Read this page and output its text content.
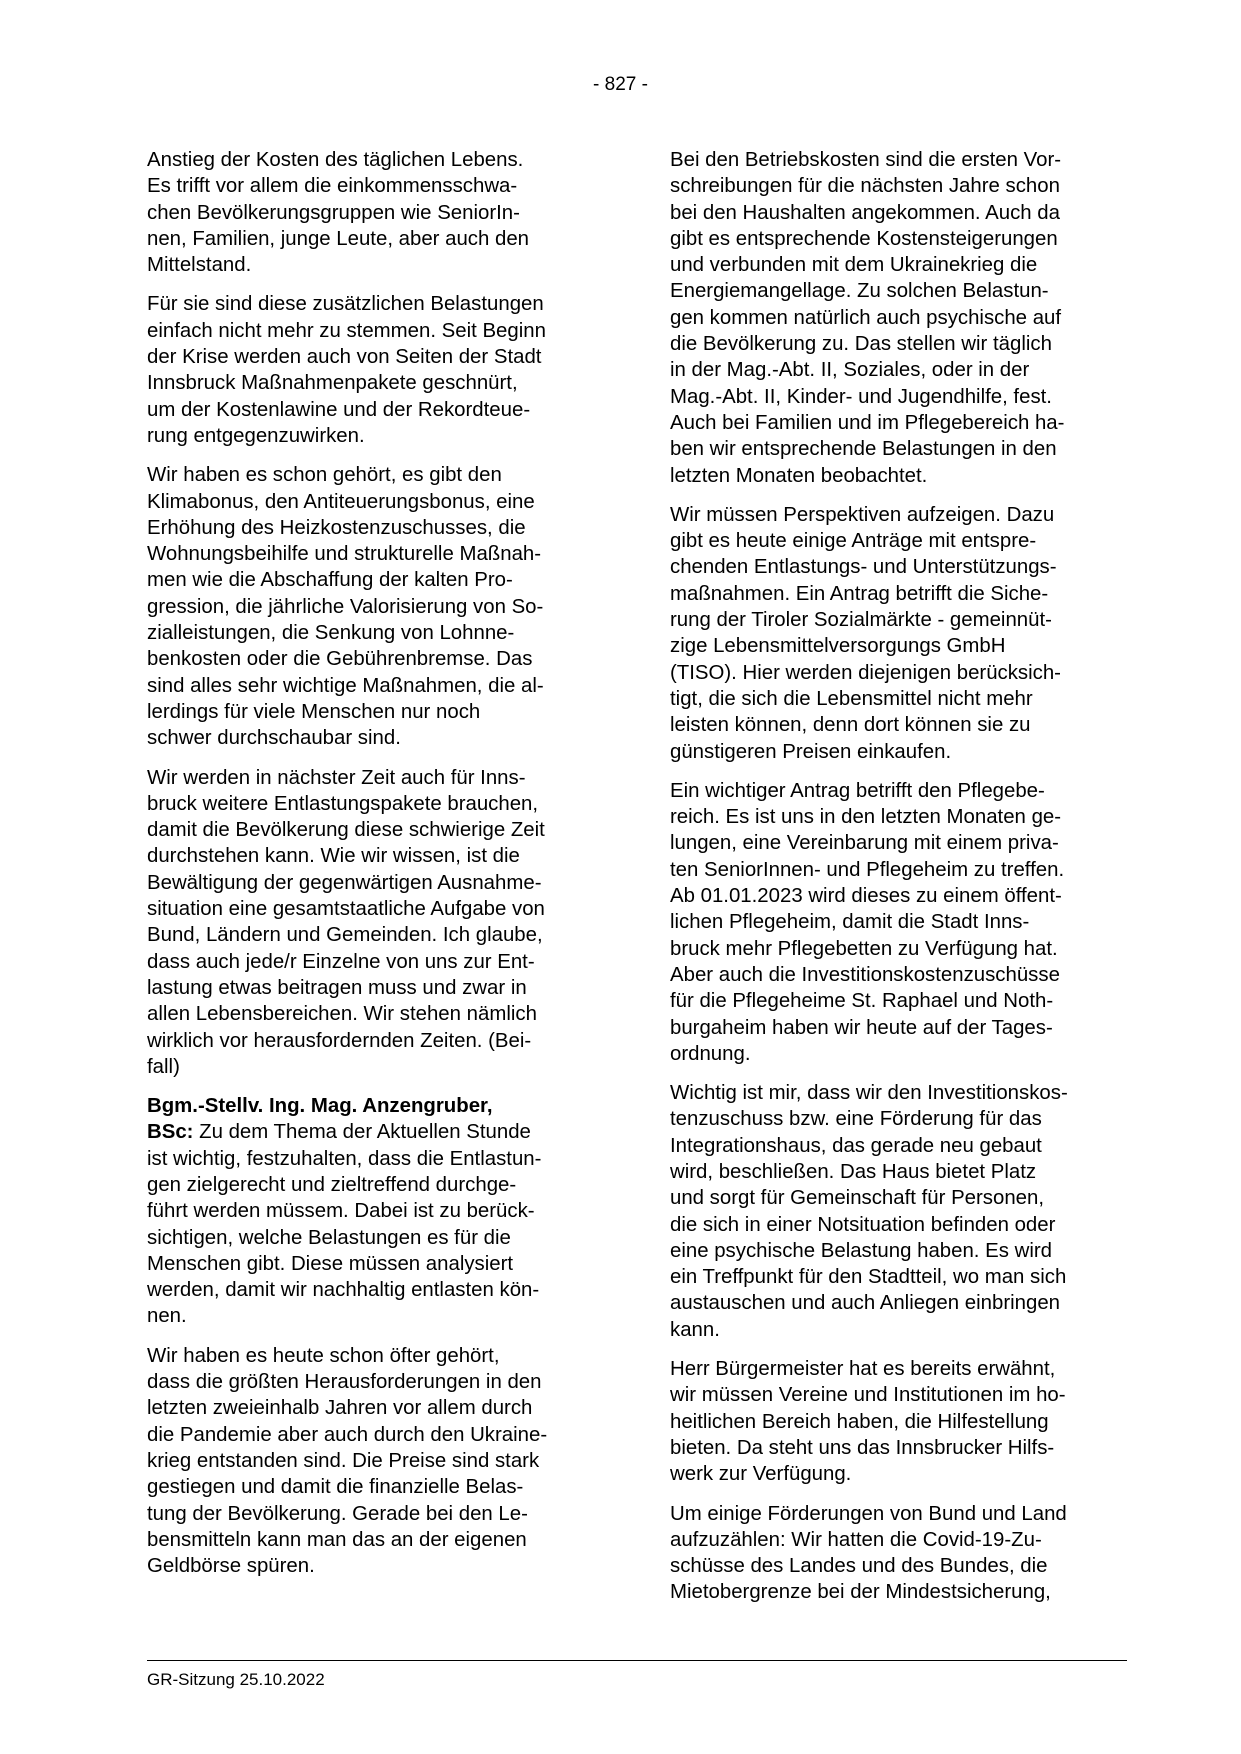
- 827 -

Anstieg der Kosten des täglichen Lebens.
Es trifft vor allem die einkommensschwa-
chen Bevölkerungsgruppen wie SeniorIn-
nen, Familien, junge Leute, aber auch den
Mittelstand.

Für sie sind diese zusätzlichen Belastungen
einfach nicht mehr zu stemmen. Seit Beginn
der Krise werden auch von Seiten der Stadt
Innsbruck Maßnahmenpakete geschnürt,
um der Kostenlawine und der Rekordteue-
rung entgegenzuwirken.

Wir haben es schon gehört, es gibt den
Klimabonus, den Antiteuerungsbonus, eine
Erhöhung des Heizkostenzuschusses, die
Wohnungsbeihilfe und strukturelle Maßnah-
men wie die Abschaffung der kalten Pro-
gression, die jährliche Valorisierung von So-
zialleistungen, die Senkung von Lohnne-
benkosten oder die Gebührenbremse. Das
sind alles sehr wichtige Maßnahmen, die al-
lerdings für viele Menschen nur noch
schwer durchschaubar sind.

Wir werden in nächster Zeit auch für Inns-
bruck weitere Entlastungspakete brauchen,
damit die Bevölkerung diese schwierige Zeit
durchstehen kann. Wie wir wissen, ist die
Bewältigung der gegenwärtigen Ausnahme-
situation eine gesamtstaatliche Aufgabe von
Bund, Ländern und Gemeinden. Ich glaube,
dass auch jede/r Einzelne von uns zur Ent-
lastung etwas beitragen muss und zwar in
allen Lebensbereichen. Wir stehen nämlich
wirklich vor herausfordernden Zeiten. (Bei-
fall)

Bgm.-Stellv. Ing. Mag. Anzengruber,
BSc: Zu dem Thema der Aktuellen Stunde
ist wichtig, festzuhalten, dass die Entlastun-
gen zielgerecht und zieltreffend durchge-
führt werden müssem. Dabei ist zu berück-
sichtigen, welche Belastungen es für die
Menschen gibt. Diese müssen analysiert
werden, damit wir nachhaltig entlasten kön-
nen.

Wir haben es heute schon öfter gehört,
dass die größten Herausforderungen in den
letzten zweieinhalb Jahren vor allem durch
die Pandemie aber auch durch den Ukraine-
krieg entstanden sind. Die Preise sind stark
gestiegen und damit die finanzielle Belas-
tung der Bevölkerung. Gerade bei den Le-
bensmitteln kann man das an der eigenen
Geldbörse spüren.

Bei den Betriebskosten sind die ersten Vor-
schreibungen für die nächsten Jahre schon
bei den Haushalten angekommen. Auch da
gibt es entsprechende Kostensteigerungen
und verbunden mit dem Ukrainekrieg die
Energiemangellage. Zu solchen Belastun-
gen kommen natürlich auch psychische auf
die Bevölkerung zu. Das stellen wir täglich
in der Mag.-Abt. II, Soziales, oder in der
Mag.-Abt. II, Kinder- und Jugendhilfe, fest.
Auch bei Familien und im Pflegebereich ha-
ben wir entsprechende Belastungen in den
letzten Monaten beobachtet.

Wir müssen Perspektiven aufzeigen. Dazu
gibt es heute einige Anträge mit entspre-
chenden Entlastungs- und Unterstützungs-
maßnahmen. Ein Antrag betrifft die Siche-
rung der Tiroler Sozialmärkte - gemeinnüt-
zige Lebensmittelversorgungs GmbH
(TISO). Hier werden diejenigen berücksich-
tigt, die sich die Lebensmittel nicht mehr
leisten können, denn dort können sie zu
günstigeren Preisen einkaufen.

Ein wichtiger Antrag betrifft den Pflegebe-
reich. Es ist uns in den letzten Monaten ge-
lungen, eine Vereinbarung mit einem priva-
ten SeniorInnen- und Pflegeheim zu treffen.
Ab 01.01.2023 wird dieses zu einem öffent-
lichen Pflegeheim, damit die Stadt Inns-
bruck mehr Pflegebetten zu Verfügung hat.
Aber auch die Investitionskostenzuschüsse
für die Pflegeheime St. Raphael und Noth-
burgaheim haben wir heute auf der Tages-
ordnung.

Wichtig ist mir, dass wir den Investitionskos-
tenzuschuss bzw. eine Förderung für das
Integrationshaus, das gerade neu gebaut
wird, beschließen. Das Haus bietet Platz
und sorgt für Gemeinschaft für Personen,
die sich in einer Notsituation befinden oder
eine psychische Belastung haben. Es wird
ein Treffpunkt für den Stadtteil, wo man sich
austauschen und auch Anliegen einbringen
kann.

Herr Bürgermeister hat es bereits erwähnt,
wir müssen Vereine und Institutionen im ho-
heitlichen Bereich haben, die Hilfestellung
bieten. Da steht uns das Innsbrucker Hilfs-
werk zur Verfügung.

Um einige Förderungen von Bund und Land
aufzuzählen: Wir hatten die Covid-19-Zu-
schüsse des Landes und des Bundes, die
Mietobergrenze bei der Mindestsicherung,

GR-Sitzung 25.10.2022
